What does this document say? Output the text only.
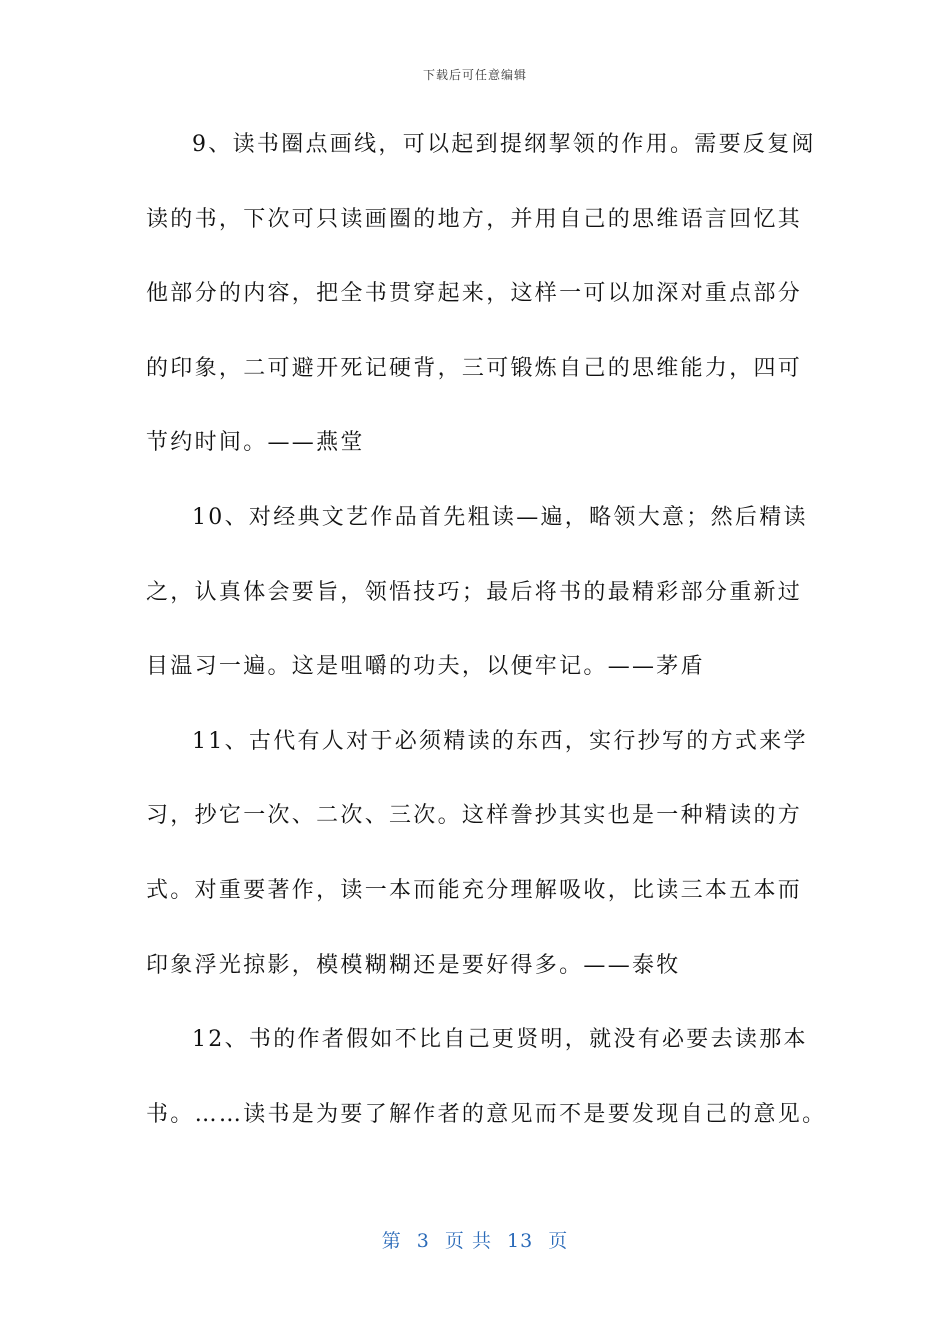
下载后可任意编辑
9、读书圈点画线，可以起到提纲挈领的作用。需要反复阅
读的书，下次可只读画圈的地方，并用自己的思维语言回忆其
他部分的内容，把全书贯穿起来，这样一可以加深对重点部分
的印象，二可避开死记硬背，三可锻炼自己的思维能力，四可
节约时间。——燕堂
10、对经典文艺作品首先粗读—遍，略领大意；然后精读
之，认真体会要旨，领悟技巧；最后将书的最精彩部分重新过
目温习一遍。这是咀嚼的功夫，以便牢记。——茅盾
11、古代有人对于必须精读的东西，实行抄写的方式来学
习，抄它一次、二次、三次。这样誊抄其实也是一种精读的方
式。对重要著作，读一本而能充分理解吸收，比读三本五本而
印象浮光掠影，模模糊糊还是要好得多。——泰牧
12、书的作者假如不比自己更贤明，就没有必要去读那本
书。……读书是为要了解作者的意见而不是要发现自己的意见。
第 3 页 共 13 页
